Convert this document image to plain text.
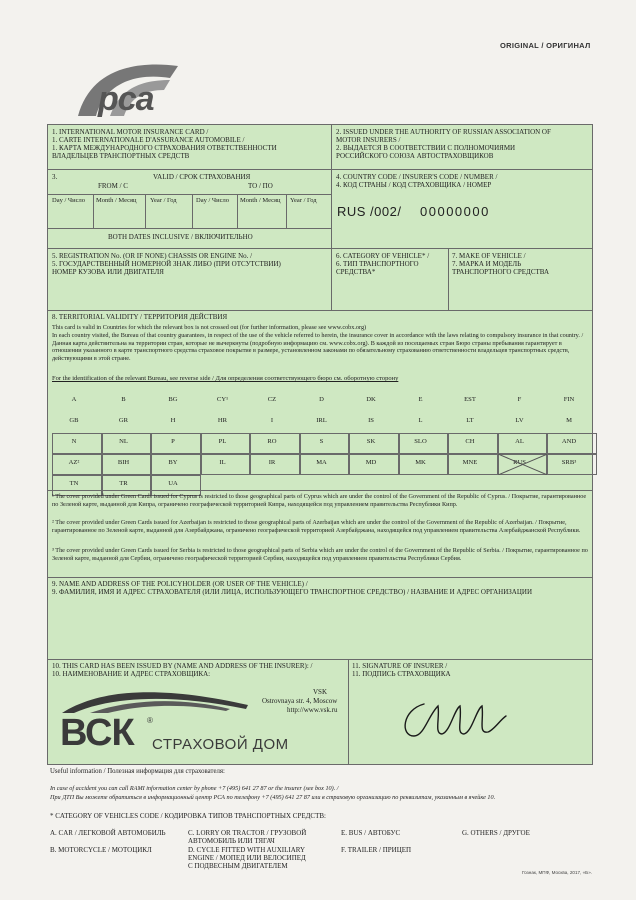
ORIGINAL / ОРИГИНАЛ
рса
1. INTERNATIONAL MOTOR INSURANCE CARD /
1. CARTE INTERNATIONALE D'ASSURANCE AUTOMOBILE /
1. КАРТА МЕЖДУНАРОДНОГО СТРАХОВАНИЯ ОТВЕТСТВЕННОСТИ
ВЛАДЕЛЬЦЕВ ТРАНСПОРТНЫХ СРЕДСТВ
2. ISSUED UNDER THE AUTHORITY OF RUSSIAN ASSOCIATION OF
MOTOR INSURERS /
2. ВЫДАЕТСЯ В СООТВЕТСТВИИ С ПОЛНОМОЧИЯМИ
РОССИЙСКОГО СОЮЗА АВТОСТРАХОВЩИКОВ
3.	VALID / СРОК СТРАХОВАНИЯ
FROM / С	TO / ПО
Day / Число Month / Месяц Year / Год	Day / Число Month / Месяц Year / Год
BOTH DATES INCLUSIVE / ВКЛЮЧИТЕЛЬНО
4. COUNTRY CODE / INSURER'S CODE / NUMBER /
4. КОД СТРАНЫ / КОД СТРАХОВЩИКА / НОМЕР
RUS /002/ 00000000
5. REGISTRATION No. (OR IF NONE) CHASSIS OR ENGINE No. /
5. ГОСУДАРСТВЕННЫЙ НОМЕРНОЙ ЗНАК ЛИБО (ПРИ ОТСУТСТВИИ)
НОМЕР КУЗОВА ИЛИ ДВИГАТЕЛЯ
6. CATEGORY OF VEHICLE* /
6. ТИП ТРАНСПОРТНОГО
СРЕДСТВА*
7. MAKE OF VEHICLE /
7. МАРКА И МОДЕЛЬ
ТРАНСПОРТНОГО СРЕДСТВА
8. TERRITORIAL VALIDITY / ТЕРРИТОРИЯ ДЕЙСТВИЯ
This card is valid in Countries for which the relevant box is not crossed out (for further information, please see www.cobx.org)
In each country visited, the Bureau of that country guarantees, in respect of the use of the vehicle referred to herein, the insurance cover in accordance with the laws relating to compulsory insurance in that country. / Данная карта действительна на территории стран, которые не вычеркнуты (подробную информацию см. www.cobx.org). В каждой из посещаемых стран Бюро страны пребывания гарантирует в отношении указанного в карте транспортного средства страховое покрытие в размере, установленном законами по обязательному страхованию ответственности владельцев транспортных средств, действующими в этой стране.
For the identification of the relevant Bureau, see reverse side / Для определения соответствующего бюро см. оборотную сторону
A	B	BG	CY¹	CZ	D	DK	E	EST	F	FIN
GB	GR	H	HR	I	IRL	IS	L	LT	LV	M
N	NL	P	PL	RO	S	SK	SLO	CH	AL	AND
AZ²	BIH	BY	IL	IR	MA	MD	MK	MNE	RUS	SRB³
TN	TR	UA
¹ The cover provided under Green Cards issued for Cyprus is restricted to those geographical parts of Cyprus which are under the control of the Government of the Republic of Cyprus. / Покрытие, гарантированное по Зеленой карте, выданной для Кипра, ограничено географической территорией Кипра, находящейся под управлением правительства Республики Кипр.
² The cover provided under Green Cards issued for Azerbaijan is restricted to those geographical parts of Azerbaijan which are under the control of the Government of the Republic of Azerbaijan. / Покрытие, гарантированное по Зеленой карте, выданной для Азербайджана, ограничено географической территорией Азербайджана, находящейся под управлением правительства Азербайджанской Республики.
³ The cover provided under Green Cards issued for Serbia is restricted to those geographical parts of Serbia which are under the control of the Government of the Republic of Serbia. / Покрытие, гарантированное по Зеленой карте, выданной для Сербии, ограничено географической территорией Сербии, находящейся под управлением правительства Республики Сербия.
9. NAME AND ADDRESS OF THE POLICYHOLDER (OR USER OF THE VEHICLE) /
9. ФАМИЛИЯ, ИМЯ И АДРЕС СТРАХОВАТЕЛЯ (ИЛИ ЛИЦА, ИСПОЛЬЗУЮЩЕГО ТРАНСПОРТНОЕ СРЕДСТВО) / НАЗВАНИЕ И АДРЕС ОРГАНИЗАЦИИ
10. THIS CARD HAS BEEN ISSUED BY (NAME AND ADDRESS OF THE INSURER): /
10. НАИМЕНОВАНИЕ И АДРЕС СТРАХОВЩИКА:
VSK
Ostrovnaya str. 4, Moscow
http://www.vsk.ru
ВСК ®
СТРАХОВОЙ ДОМ
11. SIGNATURE OF INSURER /
11. ПОДПИСЬ СТРАХОВЩИКА
Useful information / Полезная информация для страхователя:
In case of accident you can call RAMI information center by phone +7 (495) 641 27 87 or the insurer (see box 10). /
При ДТП Вы можете обратиться в информационный центр РСА по телефону +7 (495) 641 27 87 или в страховую организацию по реквизитам, указанным в ячейке 10.
* CATEGORY OF VEHICLES CODE / КОДИРОВКА ТИПОВ ТРАНСПОРТНЫХ СРЕДСТВ:
A. CAR / ЛЕГКОВОЙ АВТОМОБИЛЬ
B. MOTORCYCLE / МОТОЦИКЛ
C. LORRY OR TRACTOR / ГРУЗОВОЙ
АВТОМОБИЛЬ ИЛИ ТЯГАЧ
D. CYCLE FITTED WITH AUXILIARY
ENGINE / МОПЕД ИЛИ ВЕЛОСИПЕД
С ПОДВЕСНЫМ ДВИГАТЕЛЕМ
E. BUS / АВТОБУС
F. TRAILER / ПРИЦЕП
G. OTHERS / ДРУГОЕ
Гознак, МПФ, Москва, 2017, «Б».
